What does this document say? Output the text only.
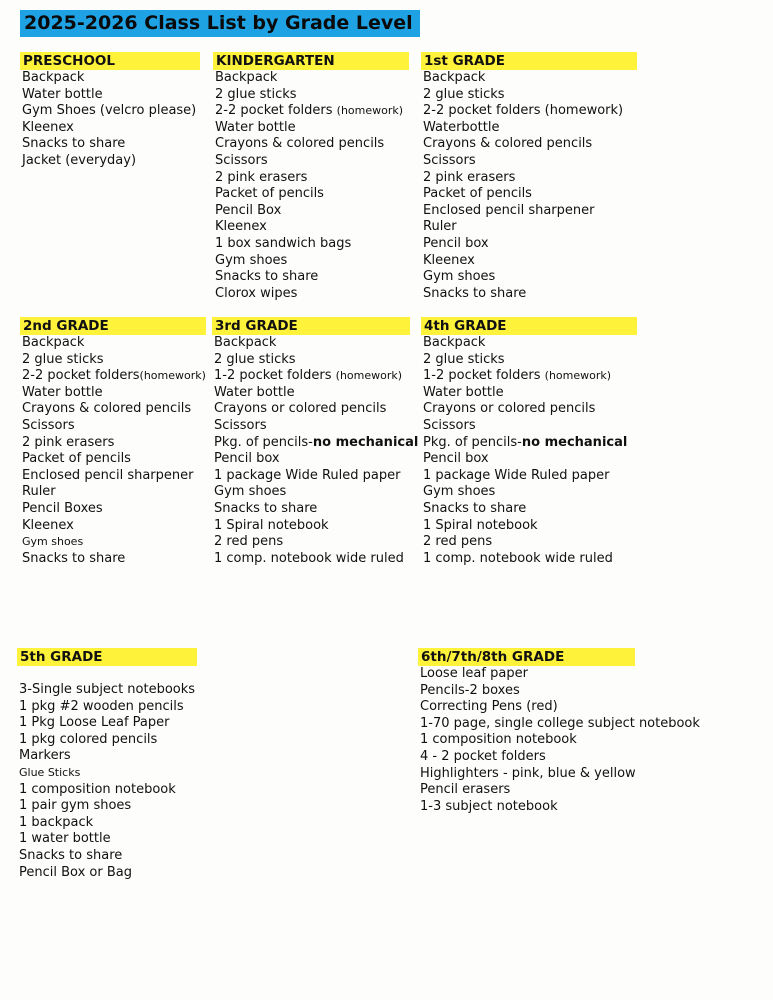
2025-2026 Class List by Grade Level
PRESCHOOL
Backpack
Water bottle
Gym Shoes (velcro please)
Kleenex
Snacks to share
Jacket (everyday)
KINDERGARTEN
Backpack
2 glue sticks
2-2 pocket folders (homework)
Water bottle
Crayons & colored pencils
Scissors
2 pink erasers
Packet of pencils
Pencil Box
Kleenex
1 box sandwich bags
Gym shoes
Snacks to share
Clorox wipes
1st GRADE
Backpack
2 glue sticks
2-2 pocket folders (homework)
Waterbottle
Crayons & colored pencils
Scissors
2 pink erasers
Packet of pencils
Enclosed pencil sharpener
Ruler
Pencil box
Kleenex
Gym shoes
Snacks to share
2nd GRADE
Backpack
2 glue sticks
2-2 pocket folders(homework)
Water bottle
Crayons & colored pencils
Scissors
2 pink erasers
Packet of pencils
Enclosed pencil sharpener
Ruler
Pencil Boxes
Kleenex
Gym shoes
Snacks to share
3rd GRADE
Backpack
2 glue sticks
1-2 pocket folders (homework)
Water bottle
Crayons or colored pencils
Scissors
Pkg. of pencils-no mechanical
Pencil box
1 package Wide Ruled paper
Gym shoes
Snacks to share
1 Spiral notebook
2 red pens
1 comp. notebook wide ruled
4th GRADE
Backpack
2 glue sticks
1-2 pocket folders (homework)
Water bottle
Crayons or colored pencils
Scissors
Pkg. of pencils-no mechanical
Pencil box
1 package Wide Ruled paper
Gym shoes
Snacks to share
1 Spiral notebook
2 red pens
1 comp. notebook wide ruled
5th GRADE
3-Single subject notebooks
1 pkg #2 wooden pencils
1 Pkg Loose Leaf Paper
1 pkg colored pencils
Markers
Glue Sticks
1 composition notebook
1 pair gym shoes
1 backpack
1 water bottle
Snacks to share
Pencil Box or Bag
6th/7th/8th GRADE
Loose leaf paper
Pencils-2 boxes
Correcting Pens (red)
1-70 page, single college subject notebook
1 composition notebook
4 - 2 pocket folders
Highlighters - pink, blue & yellow
Pencil erasers
1-3 subject notebook
